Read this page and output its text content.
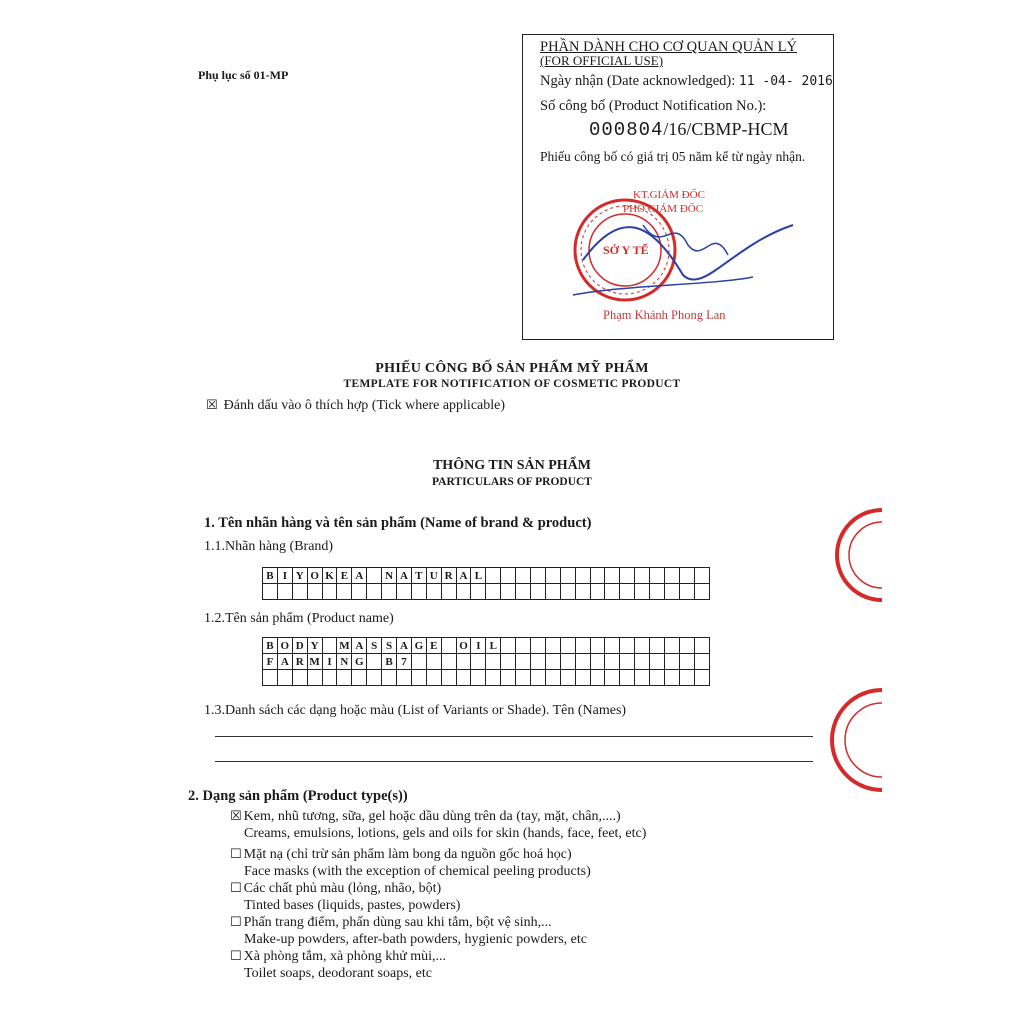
Phụ lục số 01-MP
PHẦN DÀNH CHO CƠ QUAN QUẢN LÝ
(FOR OFFICIAL USE)
Ngày nhận (Date acknowledged): 11 -04- 2016
Số công bố (Product Notification No.):
000804/16/CBMP-HCM
Phiếu công bố có giá trị 05 năm kể từ ngày nhận.
KT.GIÁM ĐỐC
PHÓ GIÁM ĐỐC
SỞ Y TẾ
Phạm Khánh Phong Lan
PHIẾU CÔNG BỐ SẢN PHẨM MỸ PHẨM
TEMPLATE FOR NOTIFICATION OF COSMETIC PRODUCT
☒ Đánh dấu vào ô thích hợp (Tick where applicable)
THÔNG TIN SẢN PHẨM
PARTICULARS OF PRODUCT
1. Tên nhãn hàng và tên sản phẩm (Name of brand & product)
1.1.Nhãn hàng (Brand)
B	I	Y	O	K	E	A		N	A	T	U	R	A	L															

1.2.Tên sản phẩm (Product name)
B	O	D	Y		M	A	S	S	A	G	E		O	I	L														
F	A	R	M	I	N	G		B	7																				

1.3.Danh sách các dạng hoặc màu (List of Variants or Shade). Tên (Names)
2. Dạng sản phẩm (Product type(s))
☒ Kem, nhũ tương, sữa, gel hoặc dầu dùng trên da (tay, mặt, chân,....)
Creams, emulsions, lotions, gels and oils for skin (hands, face, feet, etc)
☐ Mặt nạ (chỉ trừ sản phẩm làm bong da nguồn gốc hoá học)
Face masks (with the exception of chemical peeling products)
☐ Các chất phủ màu (lỏng, nhão, bột)
Tinted bases (liquids, pastes, powders)
☐ Phấn trang điểm, phấn dùng sau khi tắm, bột vệ sinh,...
Make-up powders, after-bath powders, hygienic powders, etc
☐ Xà phòng tắm, xà phòng khử mùi,...
Toilet soaps, deodorant soaps, etc
